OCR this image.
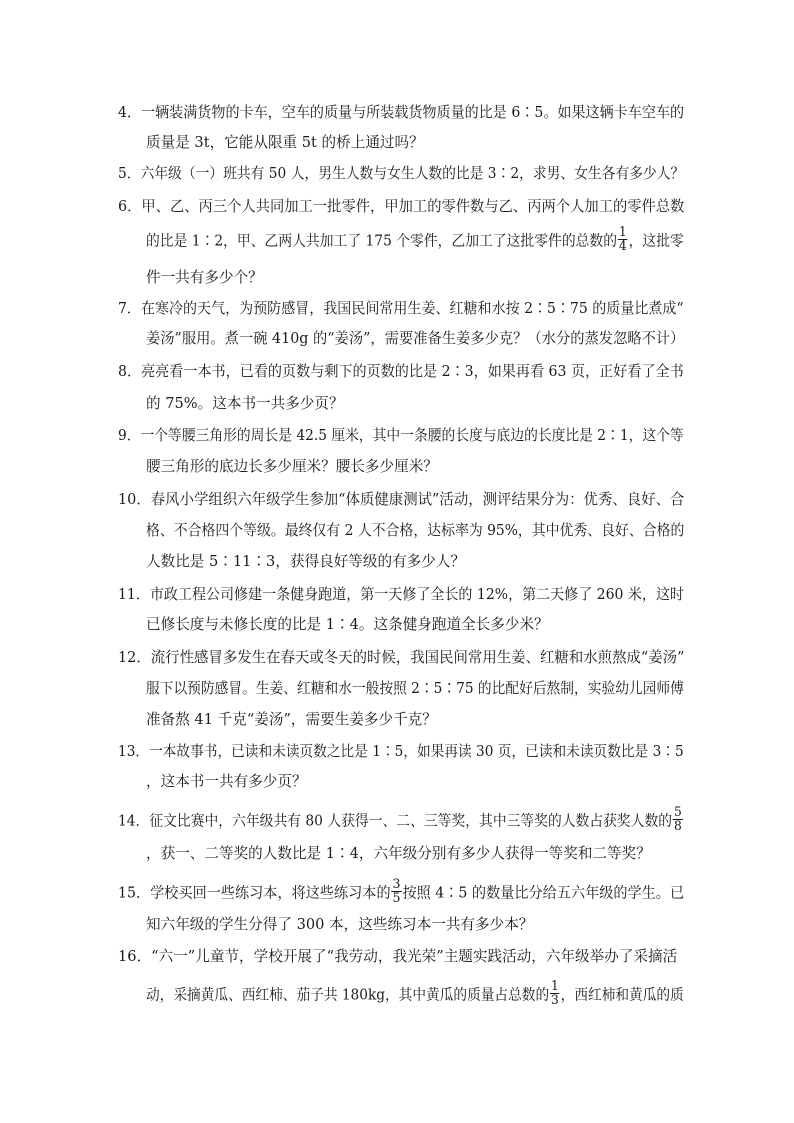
4．一辆装满货物的卡车，空车的质量与所装载货物质量的比是 6∶5。如果这辆卡车空车的
质量是 3t，它能从限重 5t 的桥上通过吗？
5．六年级（一）班共有 50 人，男生人数与女生人数的比是 3∶2，求男、女生各有多少人？
6．甲、乙、丙三个人共同加工一批零件，甲加工的零件数与乙、丙两个人加工的零件总数
的比是 1∶2，甲、乙两人共加工了 175 个零件，乙加工了这批零件的总数的 $\frac{1}{4}$ ，这批零
件一共有多少个？
7．在寒冷的天气，为预防感冒，我国民间常用生姜、红糖和水按 2∶5∶75 的质量比煮成“
姜汤”服用。煮一碗 410g 的“姜汤”，需要准备生姜多少克？（水分的蒸发忽略不计）
8．亮亮看一本书，已看的页数与剩下的页数的比是 2∶3，如果再看 63 页，正好看了全书
的 75%。这本书一共多少页？
9．一个等腰三角形的周长是 42.5 厘米，其中一条腰的长度与底边的长度比是 2∶1，这个等
腰三角形的底边长多少厘米？腰长多少厘米？
10．春风小学组织六年级学生参加“体质健康测试”活动，测评结果分为：优秀、良好、合
格、不合格四个等级。最终仅有 2 人不合格，达标率为 95%，其中优秀、良好、合格的
人数比是 5∶11∶3，获得良好等级的有多少人？
11．市政工程公司修建一条健身跑道，第一天修了全长的 12%，第二天修了 260 米，这时
已修长度与未修长度的比是 1∶4。这条健身跑道全长多少米？
12．流行性感冒多发生在春天或冬天的时候，我国民间常用生姜、红糖和水煎熬成“姜汤”
服下以预防感冒。生姜、红糖和水一般按照 2∶5∶75 的比配好后熬制，实验幼儿园师傅
准备熬 41 千克“姜汤”，需要生姜多少千克？
13．一本故事书，已读和未读页数之比是 1∶5，如果再读 30 页，已读和未读页数比是 3∶5
，这本书一共有多少页？
14．征文比赛中，六年级共有 80 人获得一、二、三等奖，其中三等奖的人数占获奖人数的 $\frac{5}{8}$
，获一、二等奖的人数比是 1∶4，六年级分别有多少人获得一等奖和二等奖？
15．学校买回一些练习本，将这些练习本的 $\frac{3}{5}$ 按照 4∶5 的数量比分给五六年级的学生。已
知六年级的学生分得了 300 本，这些练习本一共有多少本？
16．“六一”儿童节，学校开展了“我劳动，我光荣”主题实践活动，六年级举办了采摘活
动，采摘黄瓜、西红柿、茄子共 180kg，其中黄瓜的质量占总数的 $\frac{1}{3}$ ，西红柿和黄瓜的质
